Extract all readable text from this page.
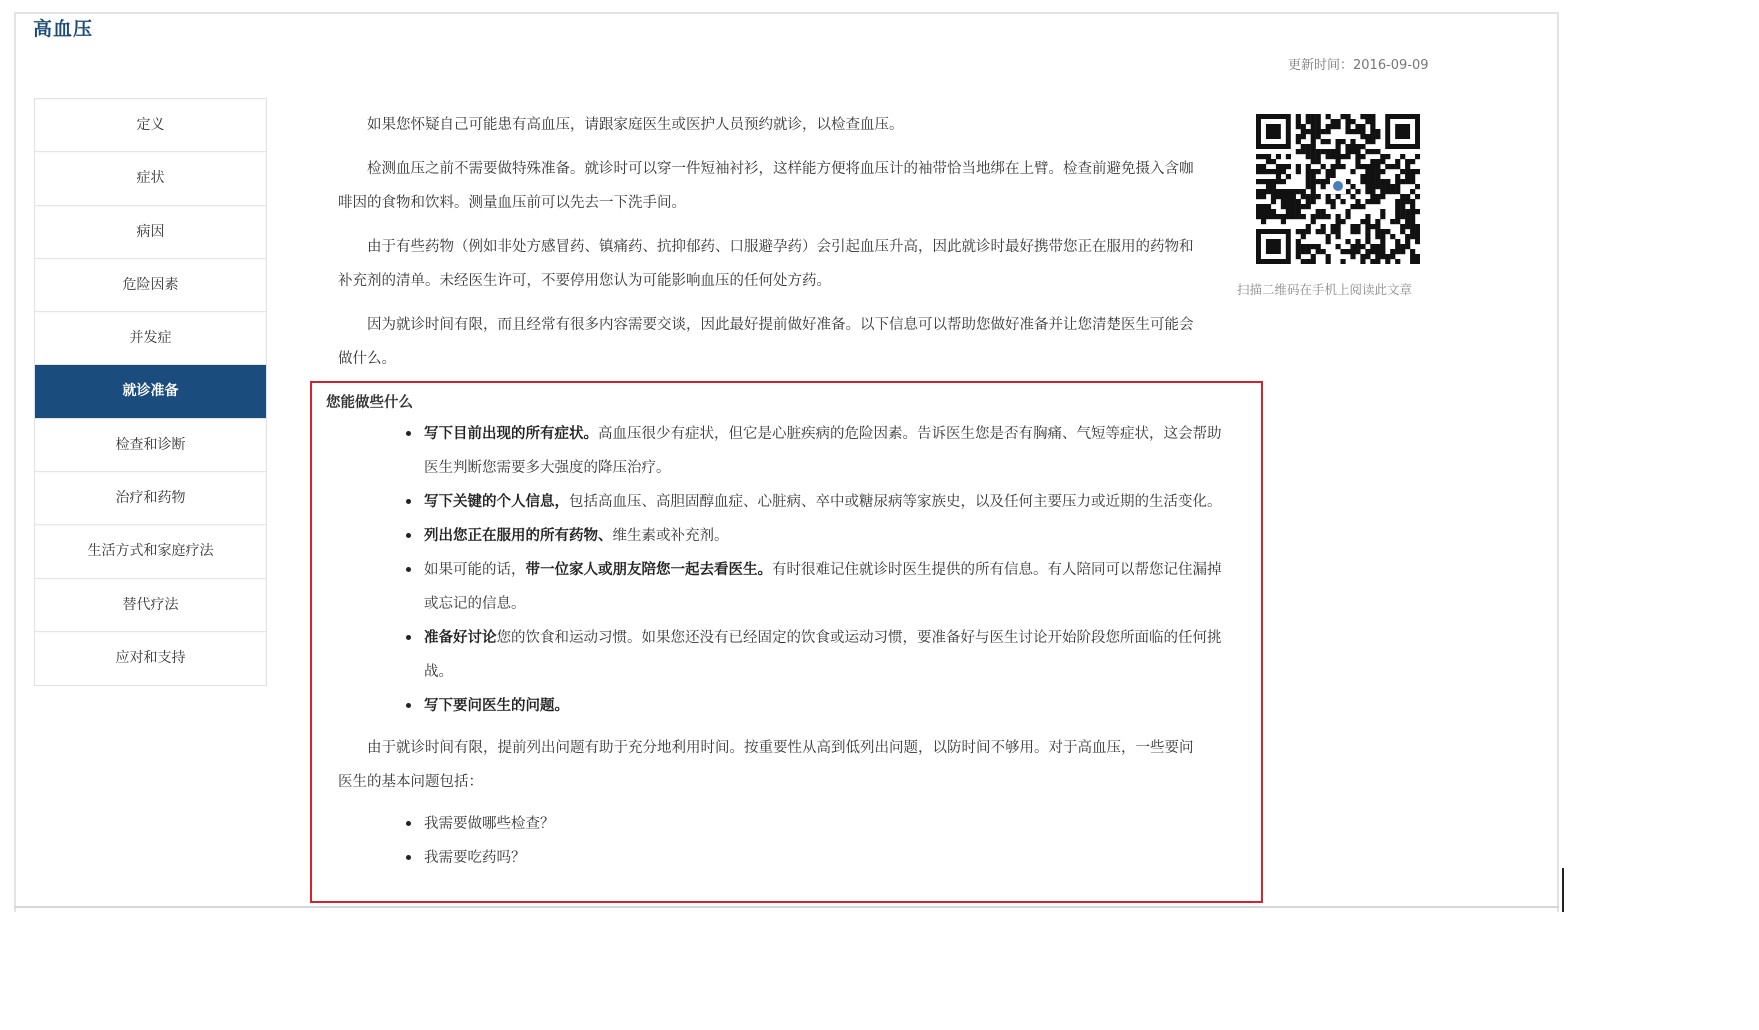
高血压
更新时间：2016-09-09
定义
症状
病因
危险因素
并发症
就诊准备
检查和诊断
治疗和药物
生活方式和家庭疗法
替代疗法
应对和支持

如果您怀疑自己可能患有高血压，请跟家庭医生或医护人员预约就诊，以检查血压。

检测血压之前不需要做特殊准备。就诊时可以穿一件短袖衬衫，这样能方便将血压计的袖带恰当地绑在上臂。检查前避免摄入含咖啡因的食物和饮料。测量血压前可以先去一下洗手间。

由于有些药物（例如非处方感冒药、镇痛药、抗抑郁药、口服避孕药）会引起血压升高，因此就诊时最好携带您正在服用的药物和补充剂的清单。未经医生许可，不要停用您认为可能影响血压的任何处方药。

因为就诊时间有限，而且经常有很多内容需要交谈，因此最好提前做好准备。以下信息可以帮助您做好准备并让您清楚医生可能会做什么。

您能做些什么
写下目前出现的所有症状。高血压很少有症状，但它是心脏疾病的危险因素。告诉医生您是否有胸痛、气短等症状，这会帮助医生判断您需要多大强度的降压治疗。
写下关键的个人信息，包括高血压、高胆固醇血症、心脏病、卒中或糖尿病等家族史，以及任何主要压力或近期的生活变化。
列出您正在服用的所有药物、维生素或补充剂。
如果可能的话，带一位家人或朋友陪您一起去看医生。有时很难记住就诊时医生提供的所有信息。有人陪同可以帮您记住漏掉或忘记的信息。
准备好讨论您的饮食和运动习惯。如果您还没有已经固定的饮食或运动习惯，要准备好与医生讨论开始阶段您所面临的任何挑战。
写下要问医生的问题。

由于就诊时间有限，提前列出问题有助于充分地利用时间。按重要性从高到低列出问题，以防时间不够用。对于高血压，一些要问医生的基本问题包括：

我需要做哪些检查？
我需要吃药吗？
扫描二维码在手机上阅读此文章
